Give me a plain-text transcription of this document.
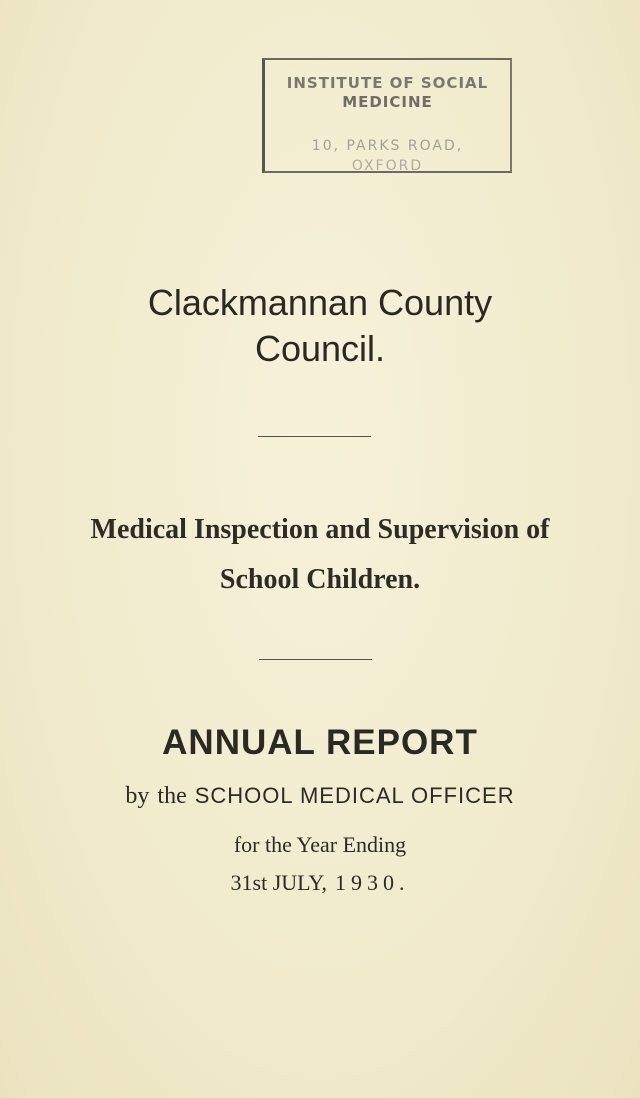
INSTITUTE OF SOCIAL
MEDICINE
10, PARKS ROAD,
OXFORD
Clackmannan County
Council.
Medical Inspection and Supervision of
School Children.
ANNUAL REPORT
by the SCHOOL MEDICAL OFFICER
for the Year Ending
31st JULY, 1930.
